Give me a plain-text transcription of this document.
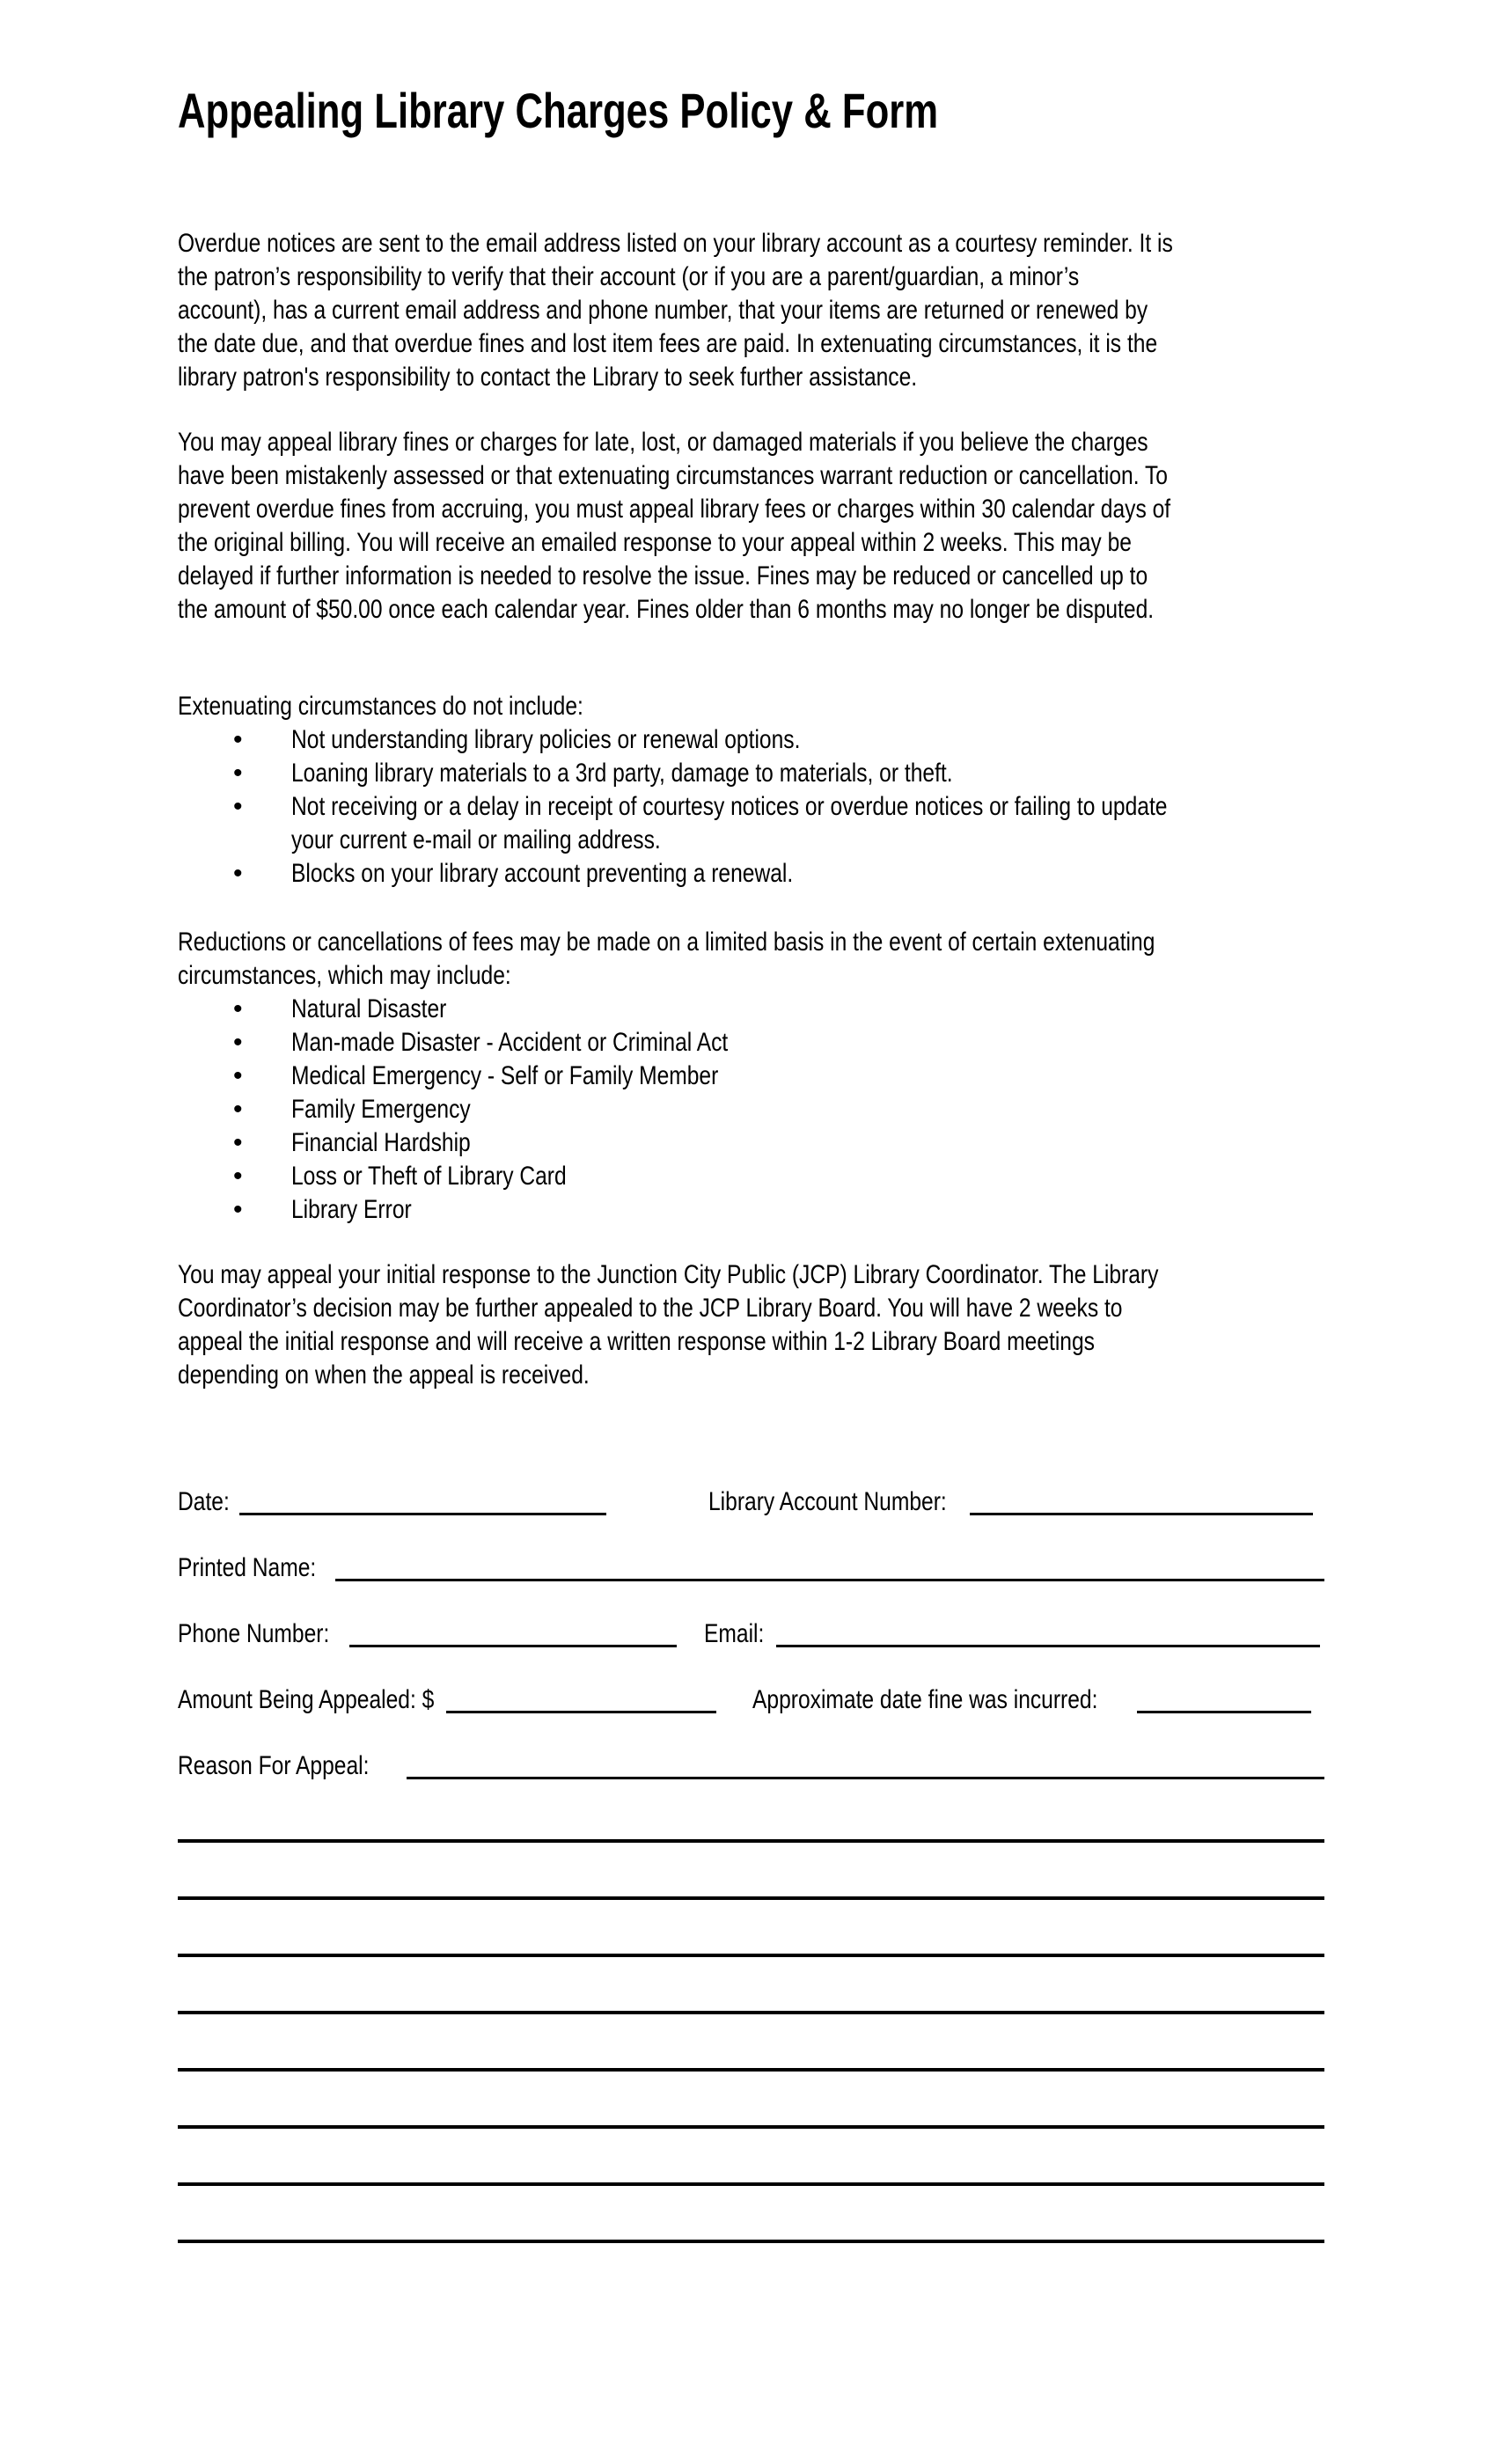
Appealing Library Charges Policy & Form
Overdue notices are sent to the email address listed on your library account as a courtesy reminder. It is
the patron’s responsibility to verify that their account (or if you are a parent/guardian, a minor’s
account), has a current email address and phone number, that your items are returned or renewed by
the date due, and that overdue fines and lost item fees are paid. In extenuating circumstances, it is the
library patron's responsibility to contact the Library to seek further assistance.
You may appeal library fines or charges for late, lost, or damaged materials if you believe the charges
have been mistakenly assessed or that extenuating circumstances warrant reduction or cancellation. To
prevent overdue fines from accruing, you must appeal library fees or charges within 30 calendar days of
the original billing. You will receive an emailed response to your appeal within 2 weeks. This may be
delayed if further information is needed to resolve the issue. Fines may be reduced or cancelled up to
the amount of $50.00 once each calendar year. Fines older than 6 months may no longer be disputed.
Extenuating circumstances do not include:
•	Not understanding library policies or renewal options.
•	Loaning library materials to a 3rd party, damage to materials, or theft.
•	Not receiving or a delay in receipt of courtesy notices or overdue notices or failing to update
your current e-mail or mailing address.
•	Blocks on your library account preventing a renewal.
Reductions or cancellations of fees may be made on a limited basis in the event of certain extenuating
circumstances, which may include:
•	Natural Disaster
•	Man-made Disaster - Accident or Criminal Act
•	Medical Emergency - Self or Family Member
•	Family Emergency
•	Financial Hardship
•	Loss or Theft of Library Card
•	Library Error
You may appeal your initial response to the Junction City Public (JCP) Library Coordinator. The Library
Coordinator’s decision may be further appealed to the JCP Library Board. You will have 2 weeks to
appeal the initial response and will receive a written response within 1-2 Library Board meetings
depending on when the appeal is received.
Date:	Library Account Number:
Printed Name:
Phone Number:	Email:
Amount Being Appealed: $	Approximate date fine was incurred:
Reason For Appeal:
